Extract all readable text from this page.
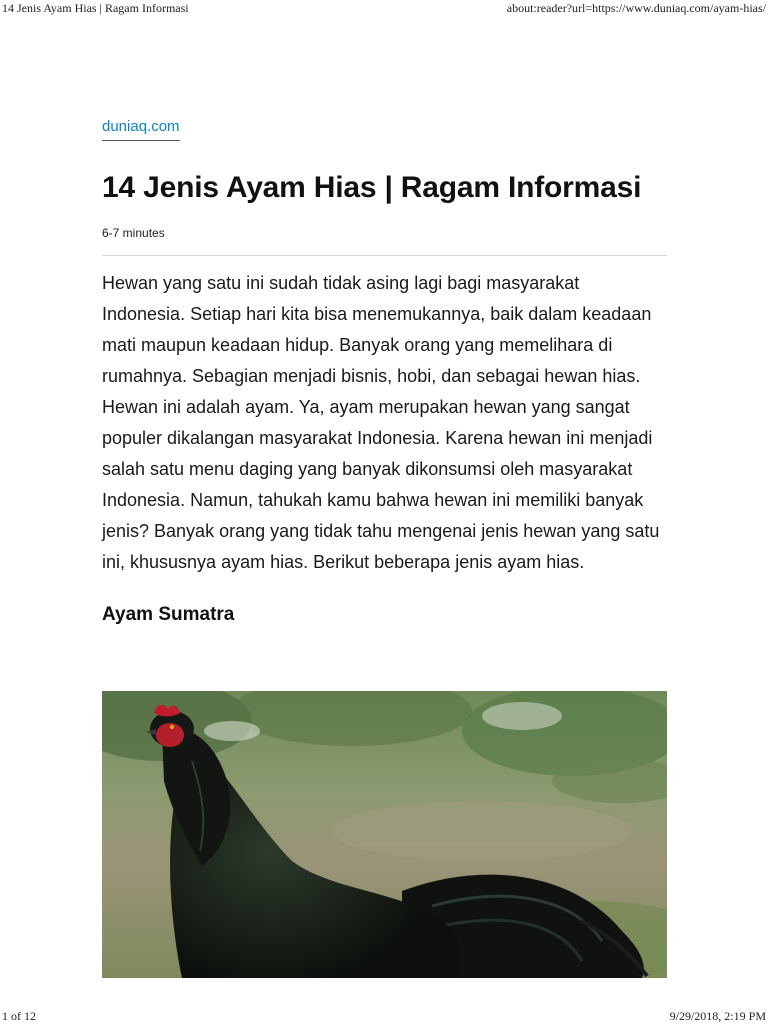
14 Jenis Ayam Hias | Ragam Informasi	about:reader?url=https://www.duniaq.com/ayam-hias/
duniaq.com
14 Jenis Ayam Hias | Ragam Informasi
6-7 minutes

Hewan yang satu ini sudah tidak asing lagi bagi masyarakat Indonesia. Setiap hari kita bisa menemukannya, baik dalam keadaan mati maupun keadaan hidup. Banyak orang yang memelihara di rumahnya. Sebagian menjadi bisnis, hobi, dan sebagai hewan hias. Hewan ini adalah ayam. Ya, ayam merupakan hewan yang sangat populer dikalangan masyarakat Indonesia. Karena hewan ini menjadi salah satu menu daging yang banyak dikonsumsi oleh masyarakat Indonesia. Namun, tahukah kamu bahwa hewan ini memiliki banyak jenis? Banyak orang yang tidak tahu mengenai jenis hewan yang satu ini, khususnya ayam hias. Berikut beberapa jenis ayam hias.

Ayam Sumatra
1 of 12	9/29/2018, 2:19 PM
